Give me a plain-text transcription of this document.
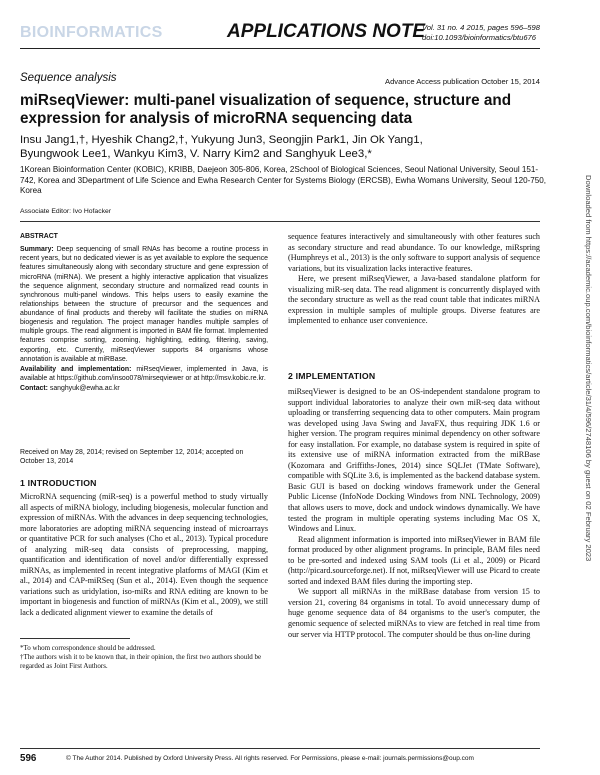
BIOINFORMATICS	APPLICATIONS NOTE
Vol. 31 no. 4 2015, pages 596–598
doi:10.1093/bioinformatics/btu676
Sequence analysis	Advance Access publication October 15, 2014
miRseqViewer: multi-panel visualization of sequence, structure and expression for analysis of microRNA sequencing data
Insu Jang1,†, Hyeshik Chang2,†, Yukyung Jun3, Seongjin Park1, Jin Ok Yang1,
Byungwook Lee1, Wankyu Kim3, V. Narry Kim2 and Sanghyuk Lee3,*
1Korean Bioinformation Center (KOBIC), KRIBB, Daejeon 305-806, Korea, 2School of Biological Sciences, Seoul National University, Seoul 151-742, Korea and 3Department of Life Science and Ewha Research Center for Systems Biology (ERCSB), Ewha Womans University, Seoul 120-750, Korea
Associate Editor: Ivo Hofacker

ABSTRACT

Summary: Deep sequencing of small RNAs has become a routine process in recent years, but no dedicated viewer is as yet available to explore the sequence features simultaneously along with secondary structure and gene expression of microRNA (miRNA). We present a highly interactive application that visualizes the sequence alignment, secondary structure and normalized read counts in synchronous multi-panel windows. This helps users to easily examine the relationships between the structure of precursor and the sequences and abundance of final products and thereby will facilitate the studies on miRNA biogenesis and regulation. The project manager handles multiple samples of multiple groups. The read alignment is imported in BAM file format. Implemented features comprise sorting, zooming, highlighting, editing, filtering, saving, exporting, etc. Currently, miRseqViewer supports 84 organisms whose annotation is available at miRBase.

Availability and implementation: miRseqViewer, implemented in Java, is available at https://github.com/insoo078/mirseqviewer or at http://msv.kobic.re.kr.

Contact: sanghyuk@ewha.ac.kr

Received on May 28, 2014; revised on September 12, 2014; accepted on October 13, 2014
1 INTRODUCTION

MicroRNA sequencing (miR-seq) is a powerful method to study virtually all aspects of miRNA biology, including biogenesis, molecular function and expression of miRNAs. With the advances in deep sequencing technologies, more laboratories are adopting miRNA sequencing instead of microarrays or quantitative PCR for such analyses (Cho et al., 2013). Typical procedure of analyzing miR-seq data consists of preprocessing, mapping, quantification and identification of novel and/or differentially expressed miRNAs, as implemented in recent integrative platforms of MAGI (Kim et al., 2014) and CAP-miRSeq (Sun et al., 2014). Even though the sequence variations such as uridylation, iso-miRs and RNA editing are known to be important in biogenesis and function of miRNAs (Kim et al., 2009), we still lack a dedicated alignment viewer to examine the details of

*To whom correspondence should be addressed.
†The authors wish it to be known that, in their opinion, the first two authors should be regarded as Joint First Authors.

sequence features interactively and simultaneously with other features such as secondary structure and read abundance. To our knowledge, miRspring (Humphreys et al., 2013) is the only software to support analysis of sequence variations, but its visualization lacks interactive features.

Here, we present miRseqViewer, a Java-based standalone platform for visualizing miR-seq data. The read alignment is concurrently displayed with the secondary structure as well as the read count table that indicates miRNA expression in multiple samples of multiple groups. Diverse features are implemented to enhance user convenience.

2 IMPLEMENTATION

miRseqViewer is designed to be an OS-independent standalone program to support individual laboratories to analyze their own miR-seq data without uploading or transferring sequencing data to other computers. Main program was developed using Java Swing and JavaFX, thus requiring JDK 1.6 or higher version. The program requires minimal dependency on other software for easy installation. For example, no database system is required in spite of its extensive use of miRNA information extracted from the miRBase (Kozomara and Griffiths-Jones, 2014) since SQLJet (TMate Software), compatible with SQLite 3.6, is implemented as the backend database system. Basic GUI is based on docking windows framework under the General Public License (InfoNode Docking Windows from NNL Technology, 2009) that allows users to move, dock and undock windows dynamically. We have tested the program in multiple operating systems including Mac OS X, Windows and Linux.

Read alignment information is imported into miRseqViewer in BAM file format produced by other alignment programs. In principle, BAM files need to be pre-sorted and indexed using SAM tools (Li et al., 2009) or Picard (http://picard.sourceforge.net). If not, miRseqViewer will use Picard to create sorted and indexed BAM files during the importing step.

We support all miRNAs in the miRBase database from version 15 to version 21, covering 84 organisms in total. To avoid unnecessary dump of huge genome sequence data of 84 organisms to the user's computer, the genomic sequence of selected miRNAs to view are fetched in real time from our server via HTTP protocol. The computer should be thus on-line during

596	© The Author 2014. Published by Oxford University Press. All rights reserved. For Permissions, please e-mail: journals.permissions@oup.com
Downloaded from https://academic.oup.com/bioinformatics/article/31/4/596/2748106 by guest on 02 February 2023
